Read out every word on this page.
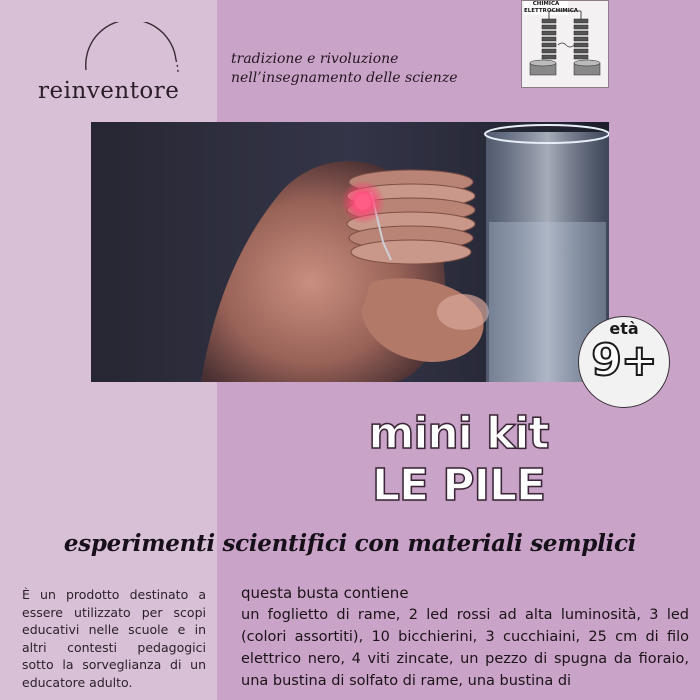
reinventore
tradizione e rivoluzione
nell’insegnamento delle scienze
CHIMICA
ELETTROCHIMICA
età
9+
mini kit
LE PILE
esperimenti scientifici con materiali semplici
È un prodotto destinato a essere utilizzato per scopi educativi nelle scuole e in altri contesti pedagogici sotto la sorveglianza di un educatore adulto.
questa busta contiene
un foglietto di rame, 2 led rossi ad alta luminosità, 3 led (colori assortiti), 10 bicchierini, 3 cucchiaini, 25 cm di filo elettrico nero, 4 viti zincate, un pezzo di spugna da fioraio, una bustina di solfato di rame, una bustina di
